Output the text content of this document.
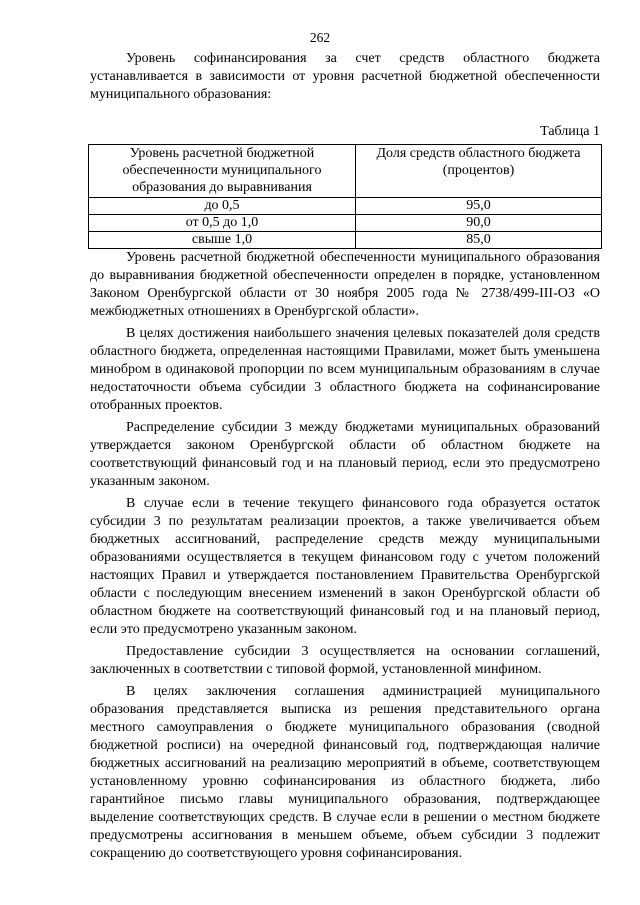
262

Уровень софинансирования за счет средств областного бюджета устанавливается в зависимости от уровня расчетной бюджетной обеспеченности муниципального образования:

Таблица 1
Уровень расчетной бюджетной обеспеченности муниципального образования до выравнивания	Доля средств областного бюджета (процентов)
до 0,5	95,0
от 0,5 до 1,0	90,0
свыше 1,0	85,0

Уровень расчетной бюджетной обеспеченности муниципального образования до выравнивания бюджетной обеспеченности определен в порядке, установленном Законом Оренбургской области от 30 ноября 2005 года № 2738/499-III-ОЗ «О межбюджетных отношениях в Оренбургской области».

В целях достижения наибольшего значения целевых показателей доля средств областного бюджета, определенная настоящими Правилами, может быть уменьшена минобром в одинаковой пропорции по всем муниципальным образованиям в случае недостаточности объема субсидии 3 областного бюджета на софинансирование отобранных проектов.

Распределение субсидии 3 между бюджетами муниципальных образований утверждается законом Оренбургской области об областном бюджете на соответствующий финансовый год и на плановый период, если это предусмотрено указанным законом.

В случае если в течение текущего финансового года образуется остаток субсидии 3 по результатам реализации проектов, а также увеличивается объем бюджетных ассигнований, распределение средств между муниципальными образованиями осуществляется в текущем финансовом году с учетом положений настоящих Правил и утверждается постановлением Правительства Оренбургской области с последующим внесением изменений в закон Оренбургской области об областном бюджете на соответствующий финансовый год и на плановый период, если это предусмотрено указанным законом.

Предоставление субсидии 3 осуществляется на основании соглашений, заключенных в соответствии с типовой формой, установленной минфином.

В целях заключения соглашения администрацией муниципального образования представляется выписка из решения представительного органа местного самоуправления о бюджете муниципального образования (сводной бюджетной росписи) на очередной финансовый год, подтверждающая наличие бюджетных ассигнований на реализацию мероприятий в объеме, соответствующем установленному уровню софинансирования из областного бюджета, либо гарантийное письмо главы муниципального образования, подтверждающее выделение соответствующих средств. В случае если в решении о местном бюджете предусмотрены ассигнования в меньшем объеме, объем субсидии 3 подлежит сокращению до соответствующего уровня софинансирования.
